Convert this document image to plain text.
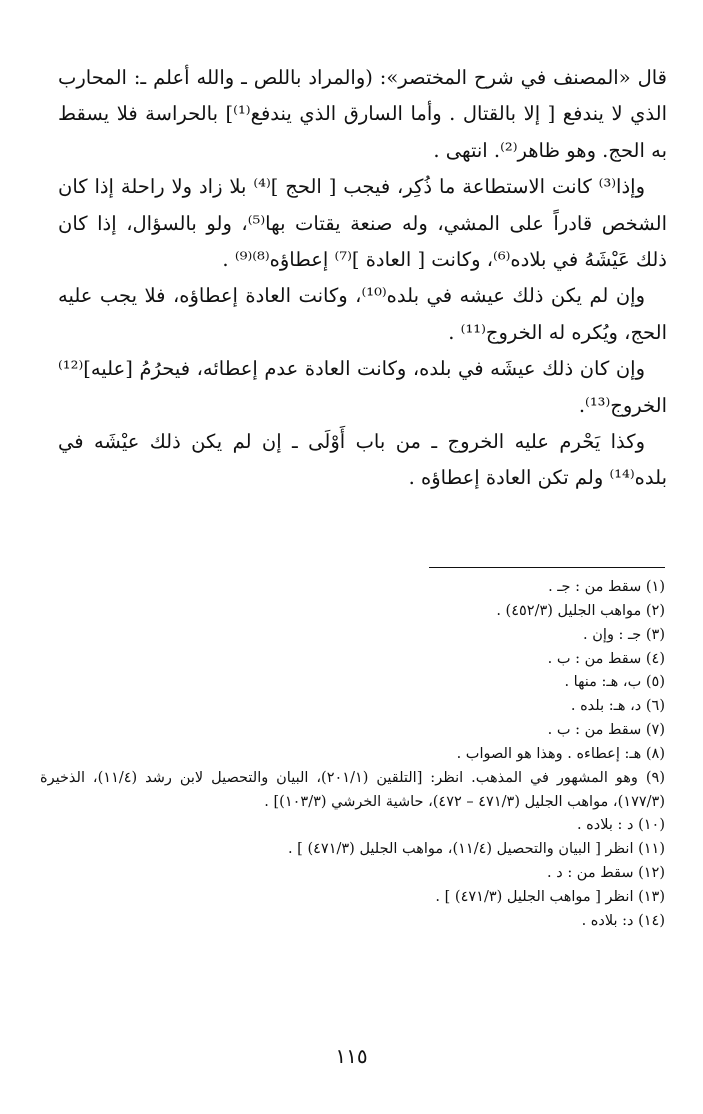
قال «المصنف في شرح المختصر»: (والمراد باللص ـ والله أعلم ـ: المحارب الذي لا يندفع [ إلا بالقتال . وأما السارق الذي يندفع⁽¹⁾] بالحراسة فلا يسقط به الحج. وهو ظاهر⁽²⁾. انتهى .

وإذا⁽³⁾ كانت الاستطاعة ما ذُكِر، فيجب [ الحج ]⁽⁴⁾ بلا زاد ولا راحلة إذا كان الشخص قادراً على المشي، وله صنعة يقتات بها⁽⁵⁾، ولو بالسؤال، إذا كان ذلك عَيْشَهُ في بلاده⁽⁶⁾، وكانت [ العادة ]⁽⁷⁾ إعطاؤه⁽⁸⁾⁽⁹⁾ .

وإن لم يكن ذلك عيشه في بلده⁽¹⁰⁾، وكانت العادة إعطاؤه، فلا يجب عليه الحج، ويُكره له الخروج⁽¹¹⁾ .

وإن كان ذلك عيشَه في بلده، وكانت العادة عدم إعطائه، فيحرُمُ [عليه]⁽¹²⁾ الخروج⁽¹³⁾.

وكذا يَحْرم عليه الخروج ـ من باب أَوْلَى ـ إن لم يكن ذلك عيْشَه في بلده⁽¹⁴⁾ ولم تكن العادة إعطاؤه .

(١) سقط من : جـ .
(٢) مواهب الجليل (٤٥٢/٣) .
(٣) جـ : وإن .
(٤) سقط من : ب .
(٥) ب، هـ: منها .
(٦) د، هـ: بلده .
(٧) سقط من : ب .
(٨) هـ: إعطاءه . وهذا هو الصواب .
(٩) وهو المشهور في المذهب. انظر: [التلقين (٢٠١/١)، البيان والتحصيل لابن رشد (١١/٤)، الذخيرة (١٧٧/٣)، مواهب الجليل (٤٧١/٣ – ٤٧٢)، حاشية الخرشي (١٠٣/٣)] .
(١٠) د : بلاده .
(١١) انظر [ البيان والتحصيل (١١/٤)، مواهب الجليل (٤٧١/٣) ] .
(١٢) سقط من : د .
(١٣) انظر [ مواهب الجليل (٤٧١/٣) ] .
(١٤) د: بلاده .
١١٥
